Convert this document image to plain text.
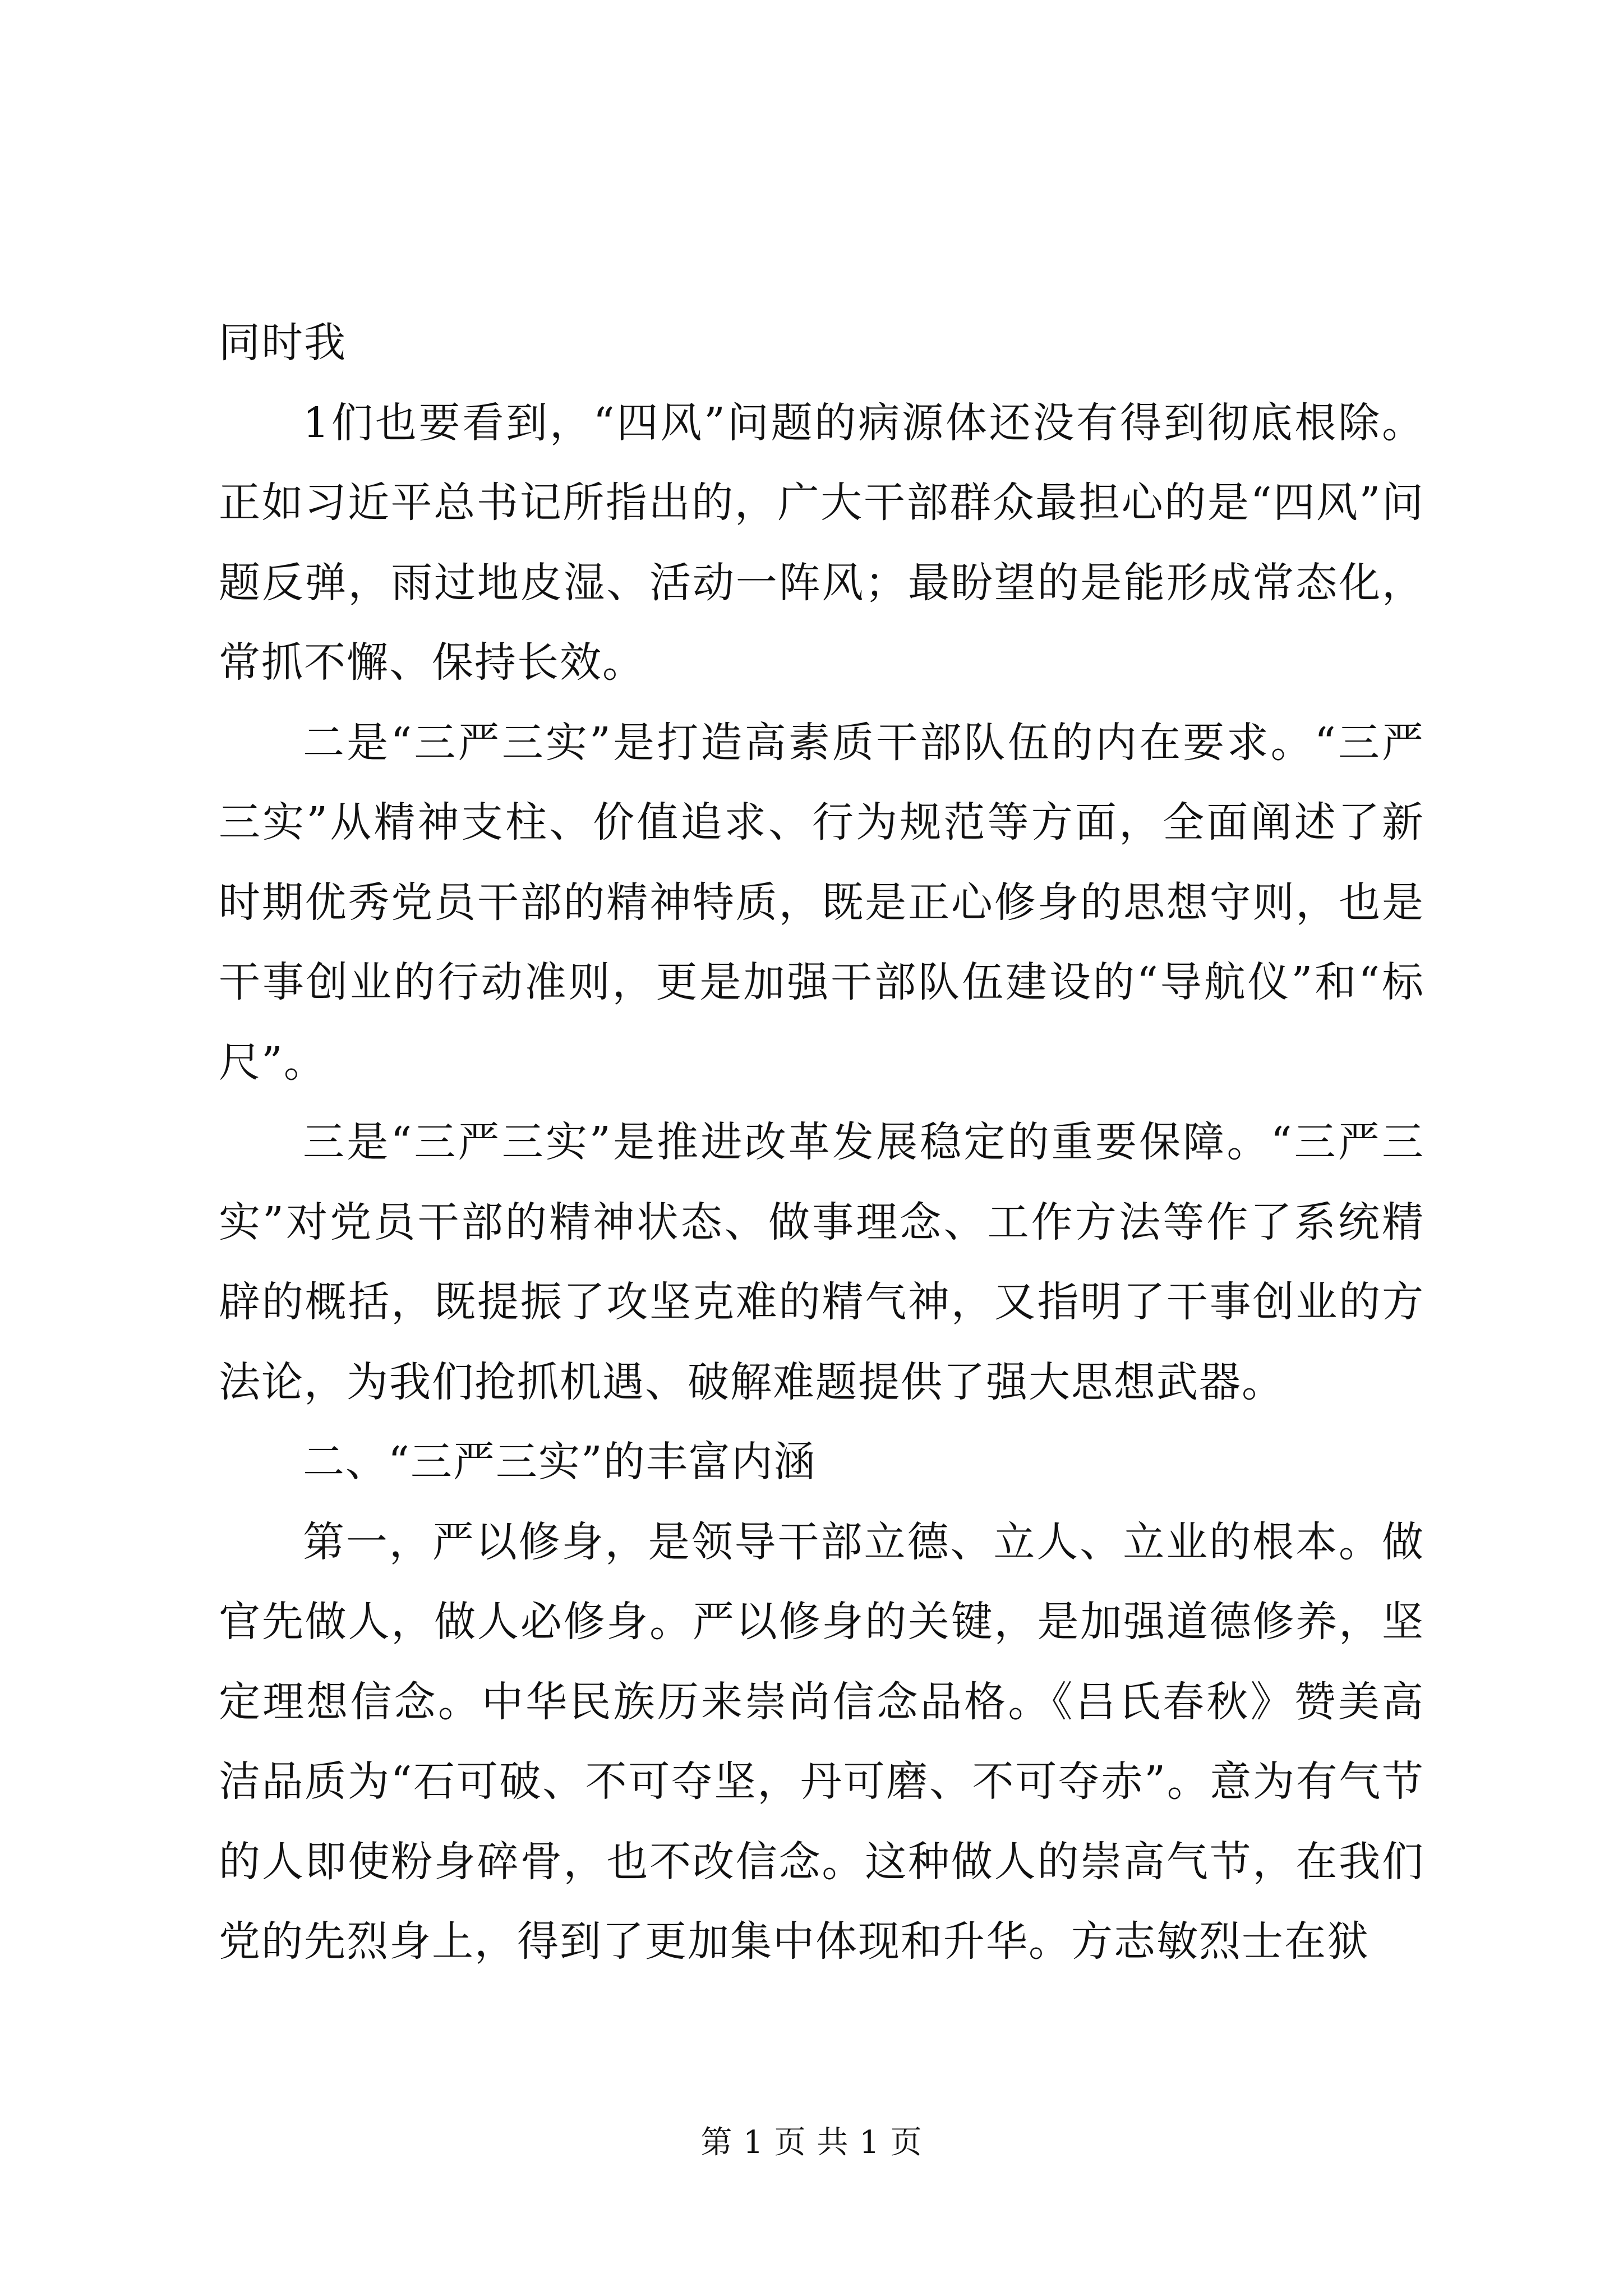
同时我

1们也要看到，“四风”问题的病源体还没有得到彻底根除。正如习近平总书记所指出的，广大干部群众最担心的是“四风”问题反弹，雨过地皮湿、活动一阵风；最盼望的是能形成常态化，常抓不懈、保持长效。

二是“三严三实”是打造高素质干部队伍的内在要求。“三严三实”从精神支柱、价值追求、行为规范等方面，全面阐述了新时期优秀党员干部的精神特质，既是正心修身的思想守则，也是干事创业的行动准则，更是加强干部队伍建设的“导航仪”和“标尺”。

三是“三严三实”是推进改革发展稳定的重要保障。“三严三实”对党员干部的精神状态、做事理念、工作方法等作了系统精辟的概括，既提振了攻坚克难的精气神，又指明了干事创业的方法论，为我们抢抓机遇、破解难题提供了强大思想武器。

二、“三严三实”的丰富内涵

第一，严以修身，是领导干部立德、立人、立业的根本。做官先做人，做人必修身。严以修身的关键，是加强道德修养，坚定理想信念。中华民族历来崇尚信念品格。《吕氏春秋》赞美高洁品质为“石可破、不可夺坚，丹可磨、不可夺赤”。意为有气节的人即使粉身碎骨，也不改信念。这种做人的崇高气节，在我们党的先烈身上，得到了更加集中体现和升华。方志敏烈士在狱

第 1 页 共 1 页
